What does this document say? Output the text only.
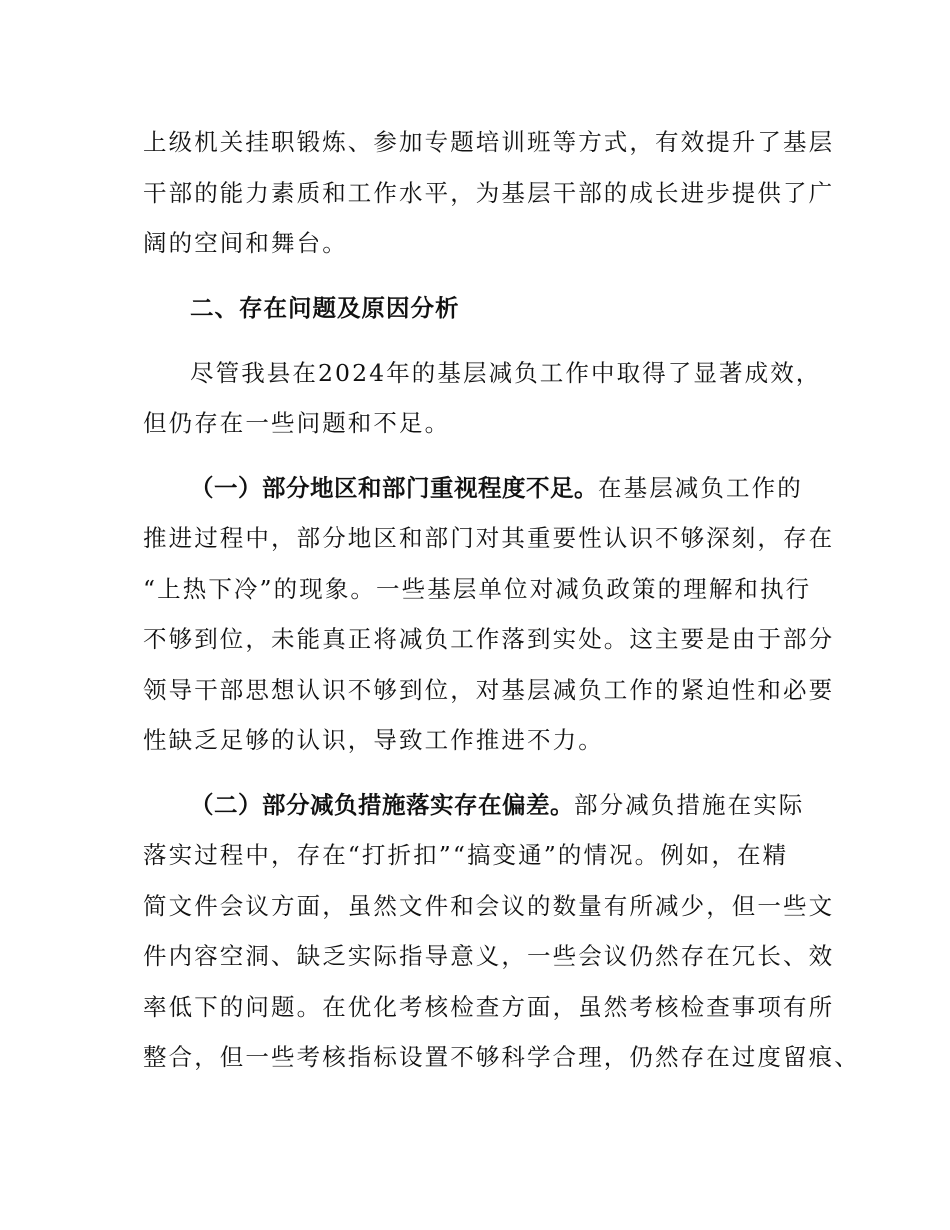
上级机关挂职锻炼、参加专题培训班等方式，有效提升了基层
干部的能力素质和工作水平，为基层干部的成长进步提供了广
阔的空间和舞台。
二、存在问题及原因分析
尽管我县在2024年的基层减负工作中取得了显著成效，
但仍存在一些问题和不足。
（一）部分地区和部门重视程度不足。在基层减负工作的
推进过程中，部分地区和部门对其重要性认识不够深刻，存在
“上热下冷”的现象。一些基层单位对减负政策的理解和执行
不够到位，未能真正将减负工作落到实处。这主要是由于部分
领导干部思想认识不够到位，对基层减负工作的紧迫性和必要
性缺乏足够的认识，导致工作推进不力。
（二）部分减负措施落实存在偏差。部分减负措施在实际
落实过程中，存在“打折扣”“搞变通”的情况。例如，在精
简文件会议方面，虽然文件和会议的数量有所减少，但一些文
件内容空洞、缺乏实际指导意义，一些会议仍然存在冗长、效
率低下的问题。在优化考核检查方面，虽然考核检查事项有所
整合，但一些考核指标设置不够科学合理，仍然存在过度留痕、
